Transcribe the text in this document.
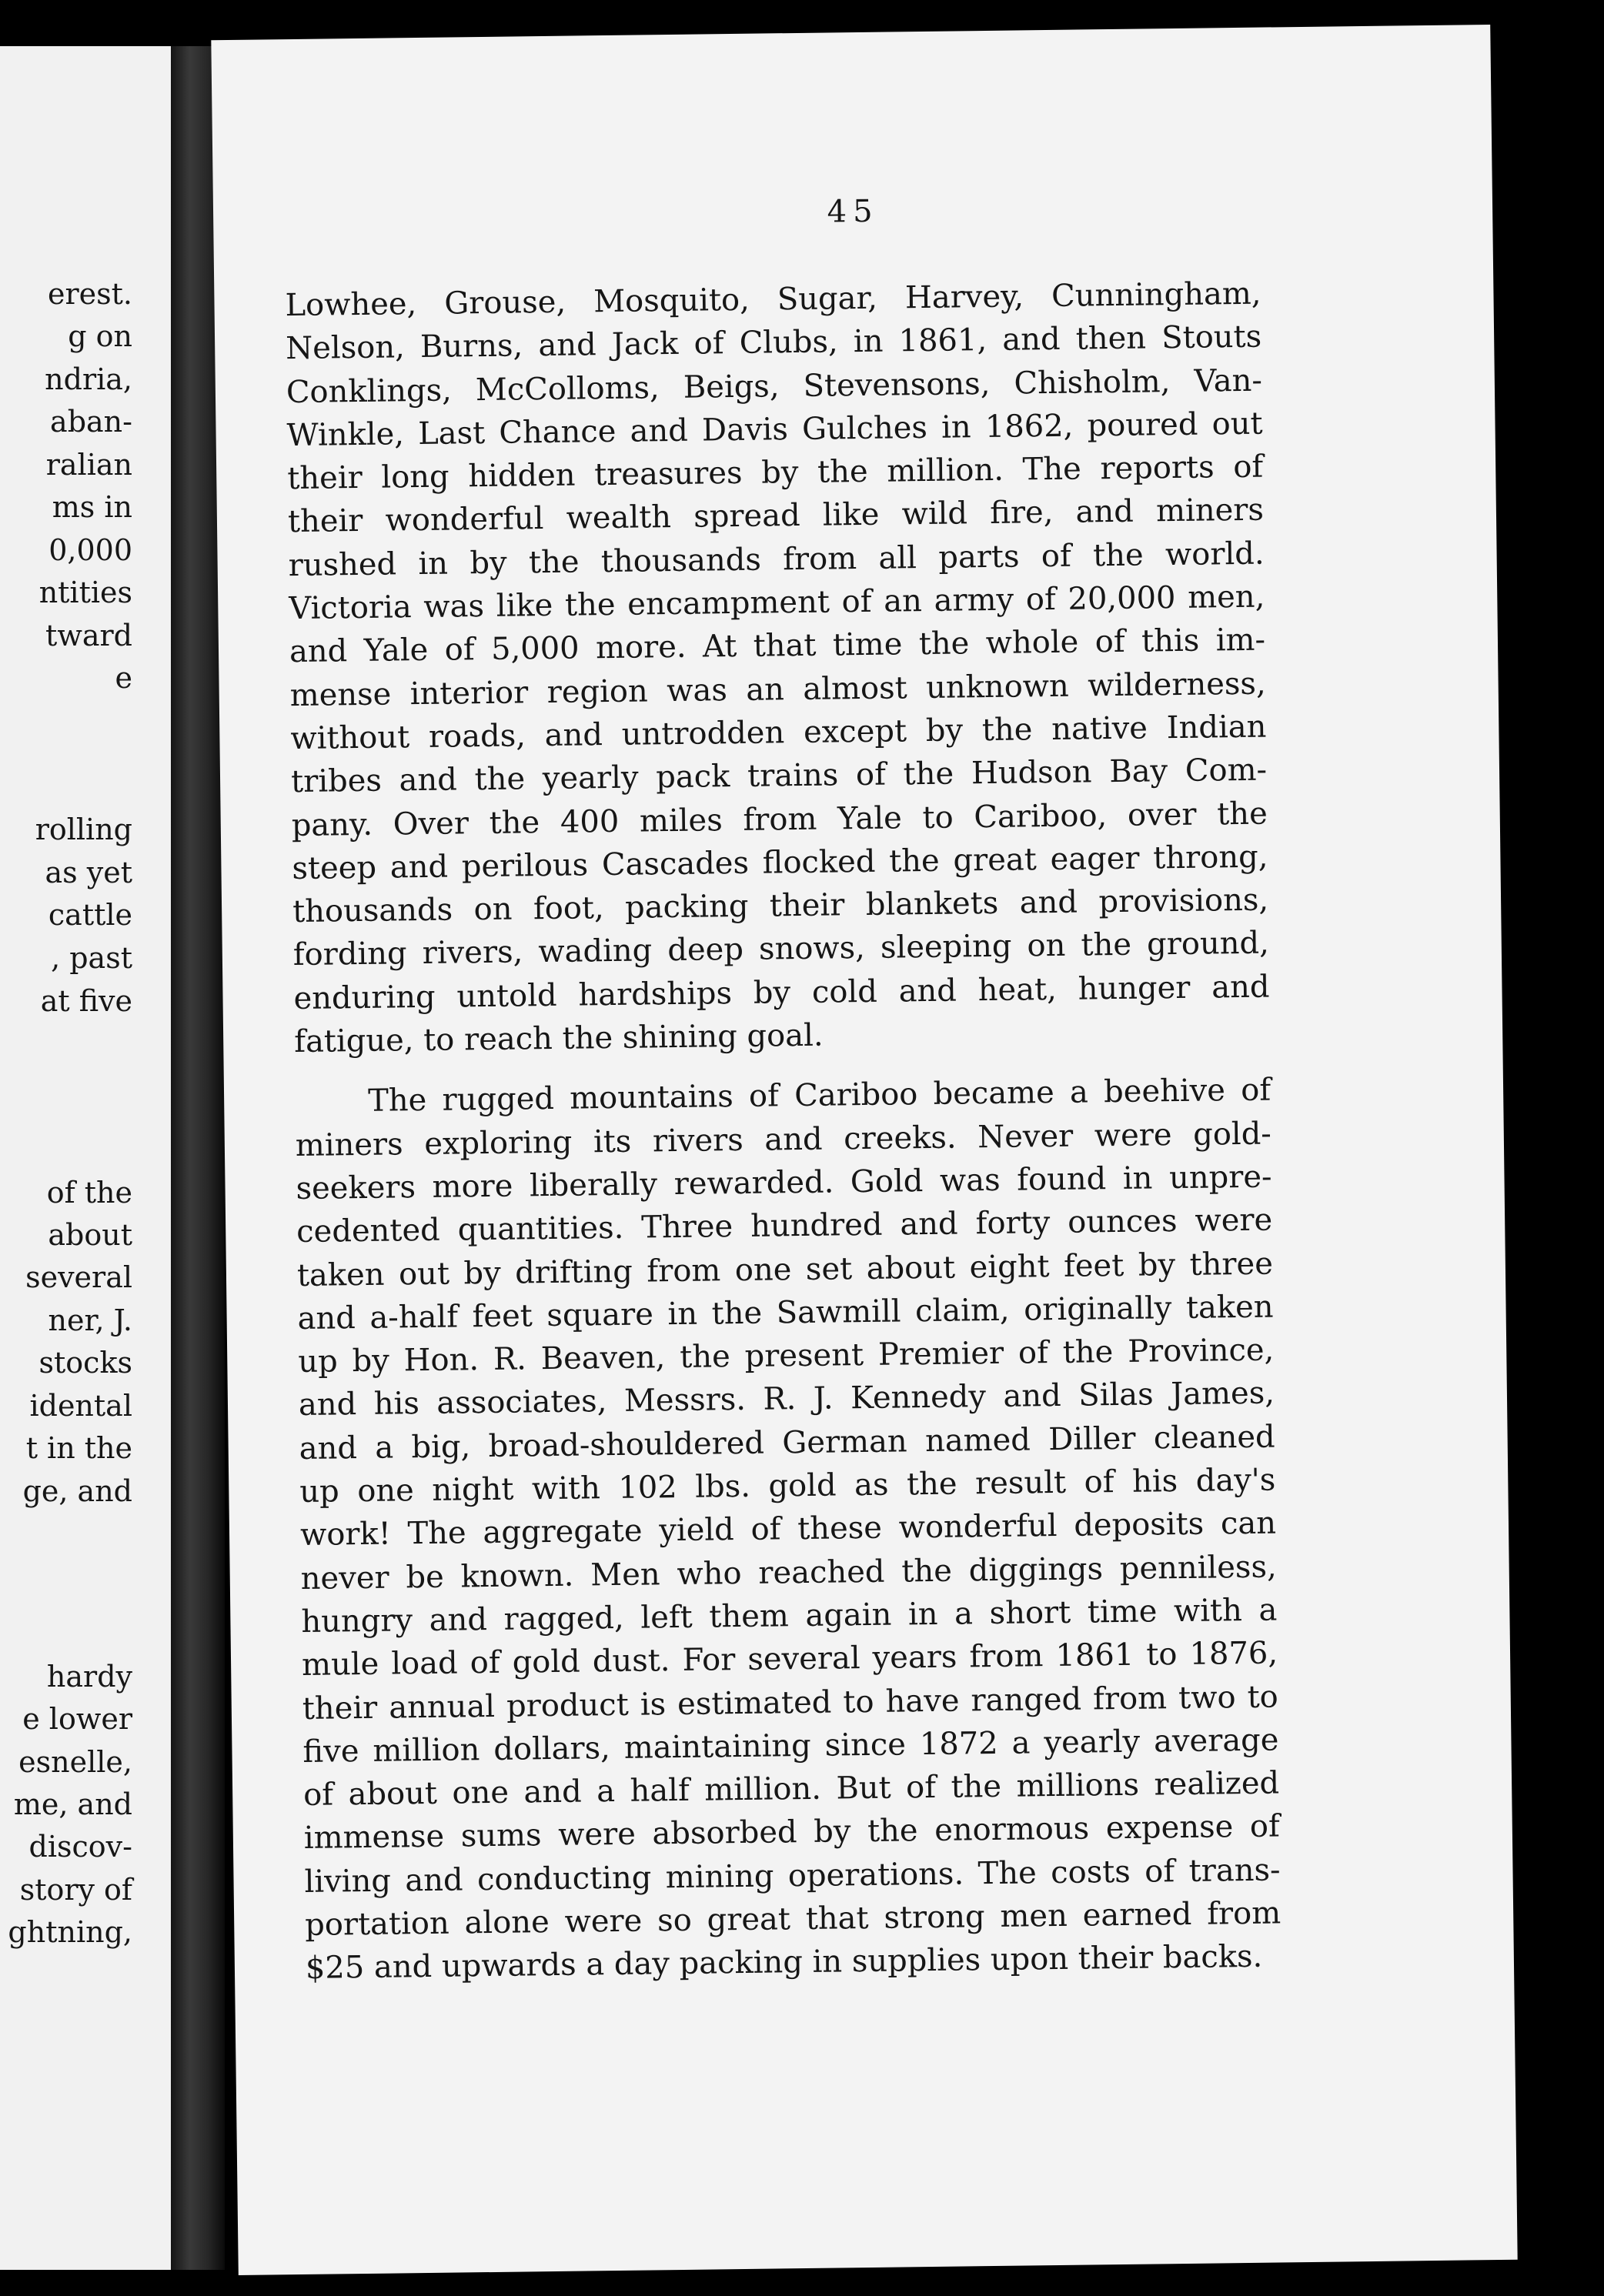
erest.
g on
ndria,
aban-
ralian
ms in
0,000
ntities
tward
e
rolling
as yet
cattle
, past
at five
of the
about
several
ner, J.
stocks
idental
t in the
ge, and
hardy
e lower
esnelle,
me, and
discov-
story of
ghtning,
45
Lowhee, Grouse, Mosquito, Sugar, Harvey, Cunningham,
Nelson, Burns, and Jack of Clubs, in 1861, and then Stouts
Conklings, McColloms, Beigs, Stevensons, Chisholm, Van-
Winkle, Last Chance and Davis Gulches in 1862, poured out
their long hidden treasures by the million. The reports of
their wonderful wealth spread like wild fire, and miners
rushed in by the thousands from all parts of the world.
Victoria was like the encampment of an army of 20,000 men,
and Yale of 5,000 more. At that time the whole of this im-
mense interior region was an almost unknown wilderness,
without roads, and untrodden except by the native Indian
tribes and the yearly pack trains of the Hudson Bay Com-
pany. Over the 400 miles from Yale to Cariboo, over the
steep and perilous Cascades flocked the great eager throng,
thousands on foot, packing their blankets and provisions,
fording rivers, wading deep snows, sleeping on the ground,
enduring untold hardships by cold and heat, hunger and
fatigue, to reach the shining goal.
The rugged mountains of Cariboo became a beehive of
miners exploring its rivers and creeks. Never were gold-
seekers more liberally rewarded. Gold was found in unpre-
cedented quantities. Three hundred and forty ounces were
taken out by drifting from one set about eight feet by three
and a-half feet square in the Sawmill claim, originally taken
up by Hon. R. Beaven, the present Premier of the Province,
and his associates, Messrs. R. J. Kennedy and Silas James,
and a big, broad-shouldered German named Diller cleaned
up one night with 102 lbs. gold as the result of his day's
work! The aggregate yield of these wonderful deposits can
never be known. Men who reached the diggings penniless,
hungry and ragged, left them again in a short time with a
mule load of gold dust. For several years from 1861 to 1876,
their annual product is estimated to have ranged from two to
five million dollars, maintaining since 1872 a yearly average
of about one and a half million. But of the millions realized
immense sums were absorbed by the enormous expense of
living and conducting mining operations. The costs of trans-
portation alone were so great that strong men earned from
$25 and upwards a day packing in supplies upon their backs.
